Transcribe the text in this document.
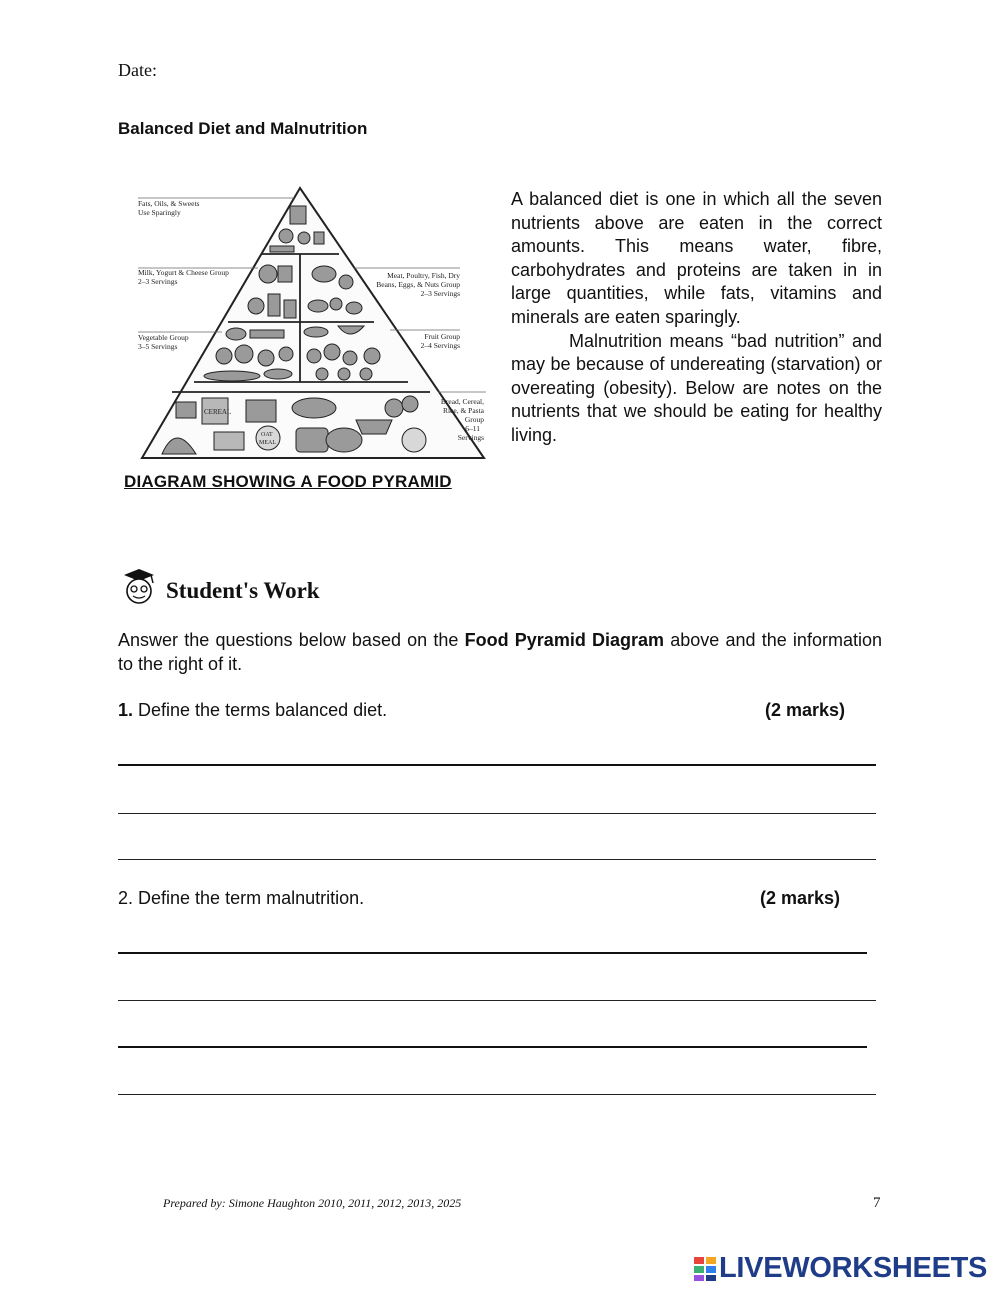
Date:
Balanced Diet and Malnutrition
Fats, Oils, & Sweets
Use Sparingly
Milk, Yogurt & Cheese Group
2–3 Servings
Meat, Poultry, Fish, Dry
Beans, Eggs, & Nuts Group
2–3 Servings
Vegetable Group
3–5 Servings
Fruit Group
2–4 Servings
Bread, Cereal,
Rice, & Pasta
Group
6–11
Servings
CEREAL
OAT
MEAL
DIAGRAM SHOWING A FOOD PYRAMID

A balanced diet is one in which all the seven nutrients above are eaten in the correct amounts. This means water, fibre, carbohydrates and proteins are taken in in large quantities, while fats, vitamins and minerals are eaten sparingly.

Malnutrition means “bad nutrition” and may be because of undereating (starvation) or overeating (obesity). Below are notes on the nutrients that we should be eating for healthy living.

Student's Work
Answer the questions below based on the Food Pyramid Diagram above and the information to the right of it.
1. Define the terms balanced diet.	(2 marks)
2. Define the term malnutrition.	(2 marks)
Prepared by: Simone Haughton 2010, 2011, 2012, 2013, 2025	7
LIVEWORKSHEETS
